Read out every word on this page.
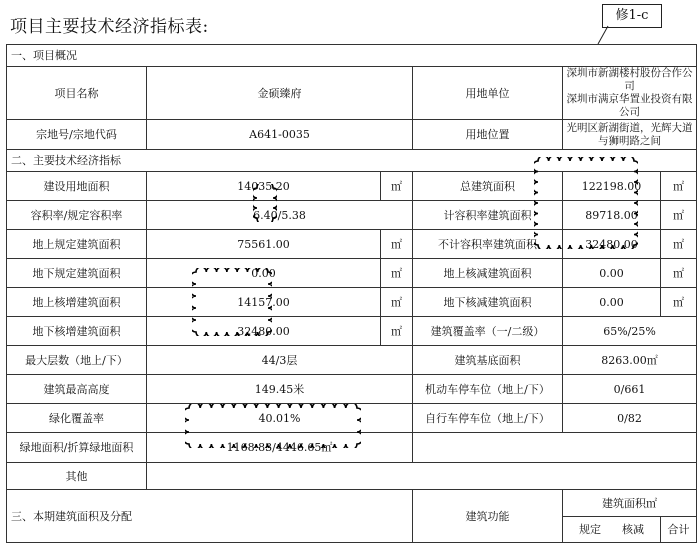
项目主要技术经济指标表:
修1-c
一、项目概况					
项目名称	金硕臻府		用地单位	深圳市新湖楼村股份合作公司
深圳市满京华置业投资有限公司	

宗地号/宗地代码	A641-0035		用地位置	光明区新湖街道，光辉大道与狮明路之间	
二、主要技术经济指标					
建设用地面积	14035.20	㎡	总建筑面积	122198.00	㎡
容积率/规定容积率	6.40/5.38		计容积率建筑面积	89718.00	㎡
地上规定建筑面积	75561.00	㎡	不计容积率建筑面积	32480.00	㎡
地下规定建筑面积	0.00	㎡	地上核减建筑面积	0.00	㎡
地上核增建筑面积	14157.00	㎡	地下核减建筑面积	0.00	㎡
地下核增建筑面积	32480.00	㎡	建筑覆盖率（一/二级）	65%/25%	
最大层数（地上/下）	44/3层		建筑基底面积	8263.00㎡	
建筑最高高度	149.45米		机动车停车位（地上/下）	0/661	
绿化覆盖率	40.01%		自行车停车位（地上/下）	0/82	
绿地面积/折算绿地面积	1168.83/4446.65㎡				
其他					
三、本期建筑面积及分配			建筑功能	建筑面积㎡	
				规定 核减	合计
